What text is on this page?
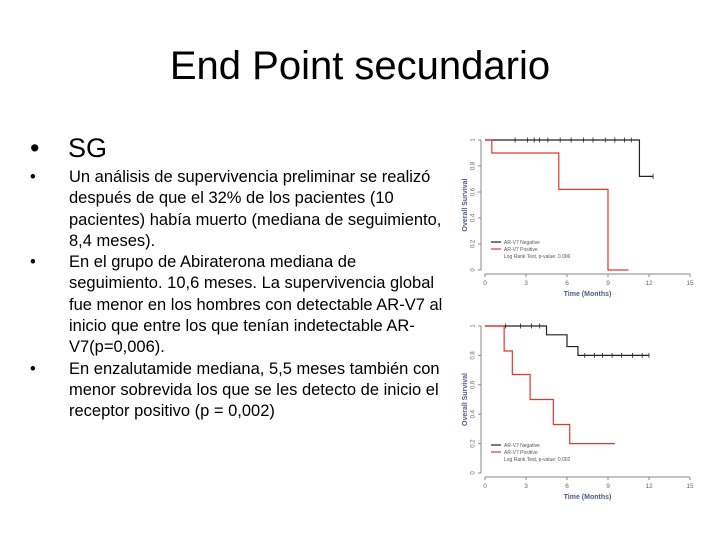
End Point secundario
• SG
•	Un análisis de supervivencia preliminar se realizó después de que el 32% de los pacientes (10 pacientes) había muerto (mediana de seguimiento, 8,4 meses).
•	En el grupo de Abiraterona mediana de seguimiento. 10,6 meses. La supervivencia global fue menor en los hombres con detectable AR-V7 al inicio que entre los que tenían indetectable AR-V7(p=0,006).
•	En enzalutamide mediana, 5,5 meses también con menor sobrevida los que se les detecto de inicio el receptor positivo (p = 0,002)
0
0.2
0.4
0.6
0.8
1
0	3	6	9	12	15
Overall Survival
Time (Months)
AR-V7 Negative
AR-V7 Positive
Log Rank Test, p-value: 0.006
0
0.2
0.4
0.6
0.8
1
0	3	6	9	12	15
Overall Survival
Time (Months)
AR-V7 Negative
AR-V7 Positive
Log Rank Test, p-value: 0.002
